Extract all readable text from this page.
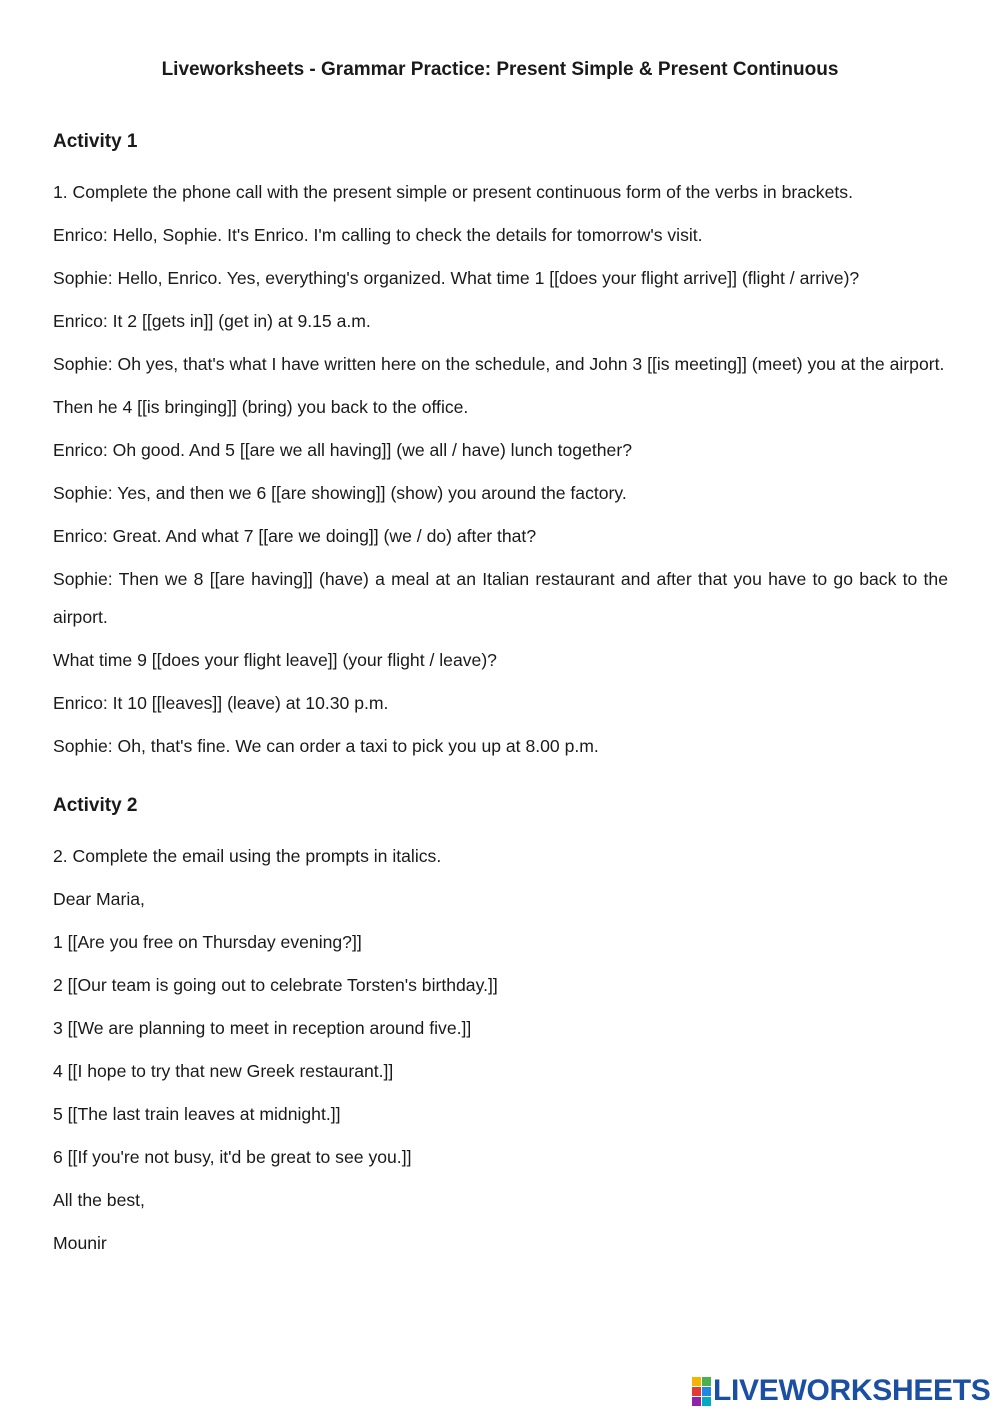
Liveworksheets - Grammar Practice: Present Simple & Present Continuous
Activity 1

1. Complete the phone call with the present simple or present continuous form of the verbs in brackets.

Enrico: Hello, Sophie. It's Enrico. I'm calling to check the details for tomorrow's visit.

Sophie: Hello, Enrico. Yes, everything's organized. What time 1 [[does your flight arrive]] (flight / arrive)?

Enrico: It 2 [[gets in]] (get in) at 9.15 a.m.

Sophie: Oh yes, that's what I have written here on the schedule, and John 3 [[is meeting]] (meet) you at the airport.

Then he 4 [[is bringing]] (bring) you back to the office.

Enrico: Oh good. And 5 [[are we all having]] (we all / have) lunch together?

Sophie: Yes, and then we 6 [[are showing]] (show) you around the factory.

Enrico: Great. And what 7 [[are we doing]] (we / do) after that?

Sophie: Then we 8 [[are having]] (have) a meal at an Italian restaurant and after that you have to go back to the airport.

What time 9 [[does your flight leave]] (your flight / leave)?

Enrico: It 10 [[leaves]] (leave) at 10.30 p.m.

Sophie: Oh, that's fine. We can order a taxi to pick you up at 8.00 p.m.

Activity 2

2. Complete the email using the prompts in italics.

Dear Maria,

1 [[Are you free on Thursday evening?]]

2 [[Our team is going out to celebrate Torsten's birthday.]]

3 [[We are planning to meet in reception around five.]]

4 [[I hope to try that new Greek restaurant.]]

5 [[The last train leaves at midnight.]]

6 [[If you're not busy, it'd be great to see you.]]

All the best,

Mounir

LIVEWORKSHEETS
